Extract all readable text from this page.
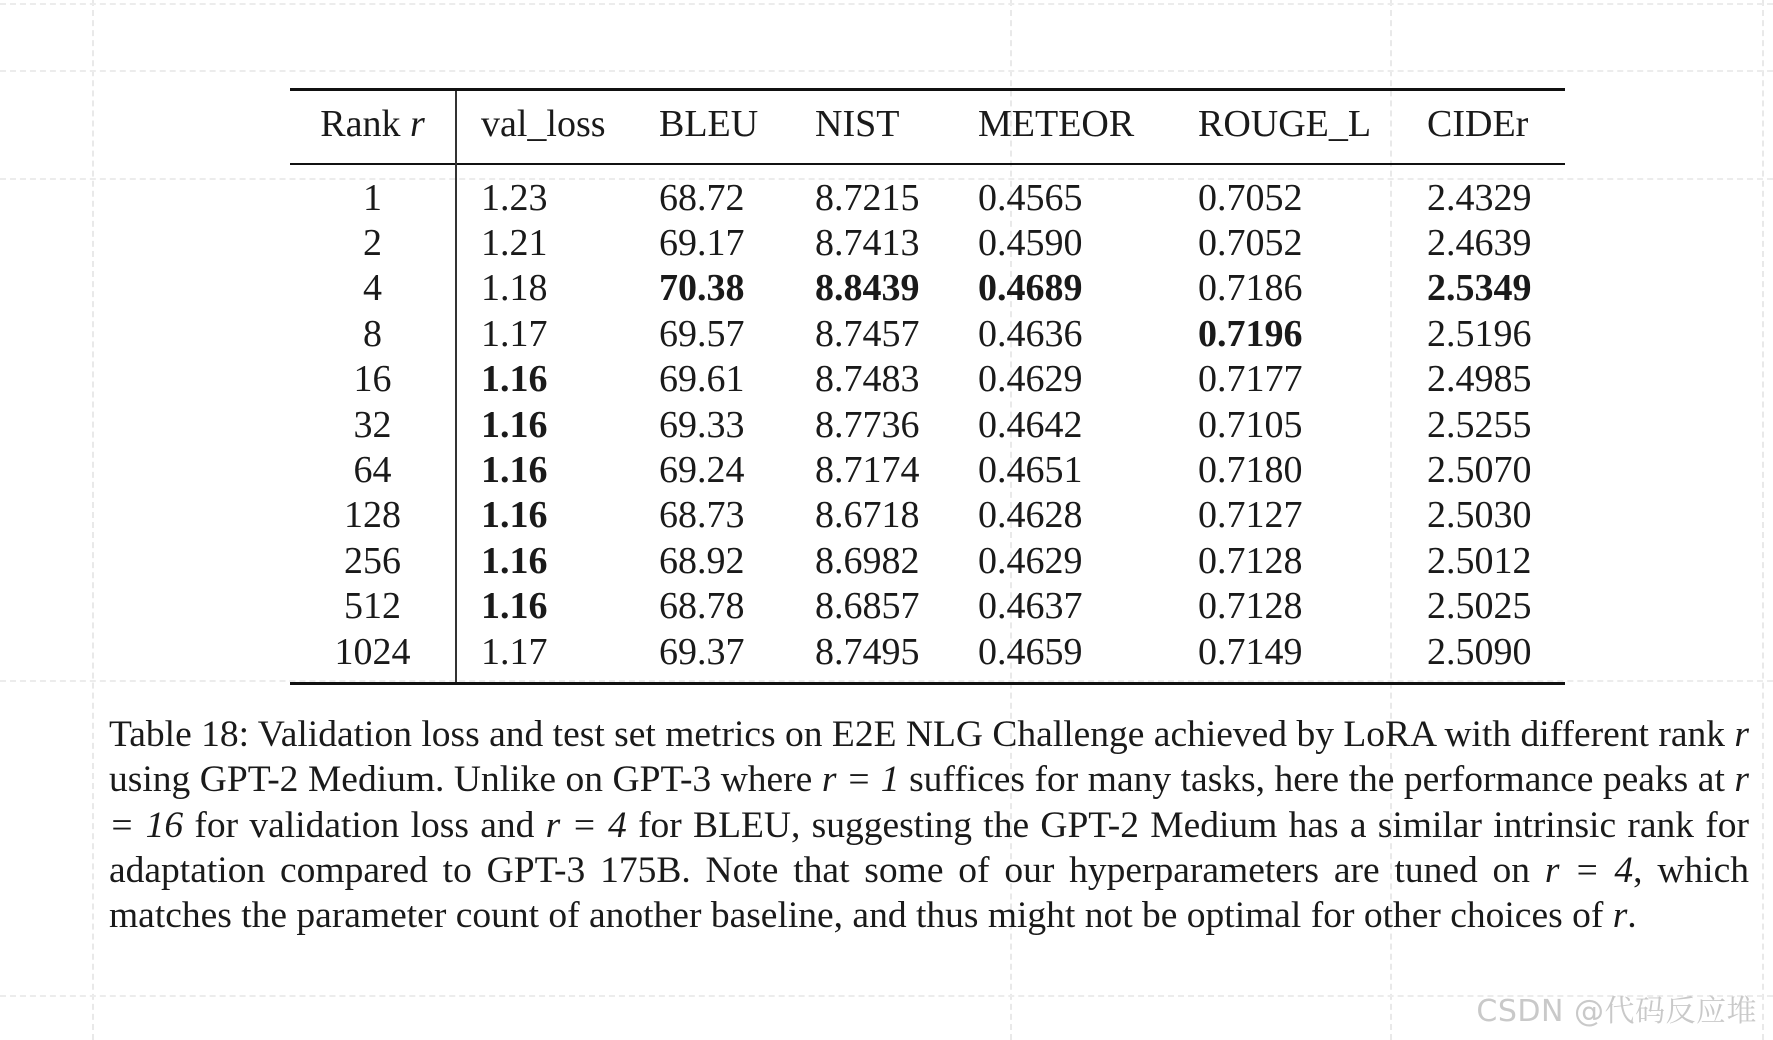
Rank r	val_loss	BLEU	NIST	METEOR	ROUGE_L	CIDEr
1	1.23	68.72	8.7215	0.4565	0.7052	2.4329
2	1.21	69.17	8.7413	0.4590	0.7052	2.4639
4	1.18	70.38	8.8439	0.4689	0.7186	2.5349
8	1.17	69.57	8.7457	0.4636	0.7196	2.5196
16	1.16	69.61	8.7483	0.4629	0.7177	2.4985
32	1.16	69.33	8.7736	0.4642	0.7105	2.5255
64	1.16	69.24	8.7174	0.4651	0.7180	2.5070
128	1.16	68.73	8.6718	0.4628	0.7127	2.5030
256	1.16	68.92	8.6982	0.4629	0.7128	2.5012
512	1.16	68.78	8.6857	0.4637	0.7128	2.5025
1024	1.17	69.37	8.7495	0.4659	0.7149	2.5090

Table 18: Validation loss and test set metrics on E2E NLG Challenge achieved by LoRA with different rank r using GPT-2 Medium. Unlike on GPT-3 where r = 1 suffices for many tasks, here the performance peaks at r = 16 for validation loss and r = 4 for BLEU, suggesting the GPT-2 Medium has a similar intrinsic rank for adaptation compared to GPT-3 175B. Note that some of our hyperparameters are tuned on r = 4, which matches the parameter count of another baseline, and thus might not be optimal for other choices of r.

CSDN @代码反应堆
